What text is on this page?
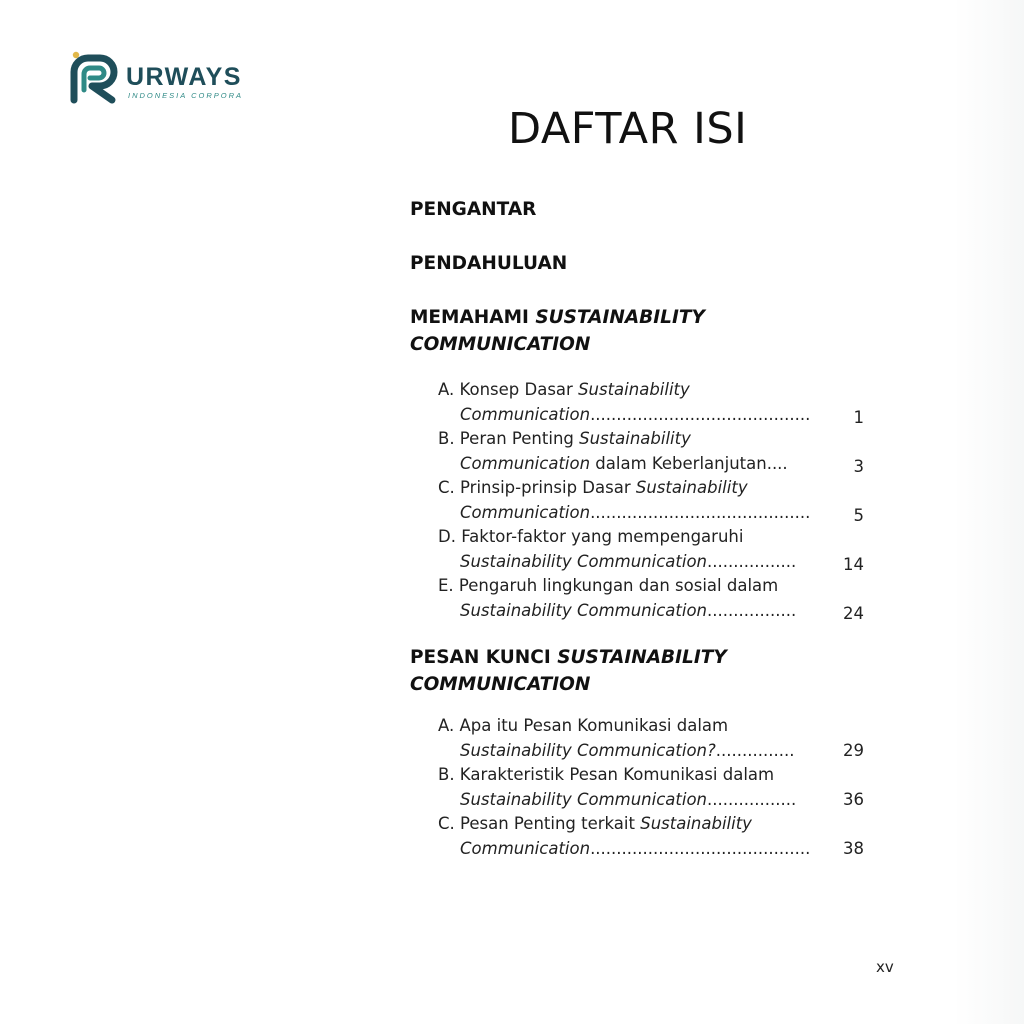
URWAYS
INDONESIA CORPORA
DAFTAR ISI
PENGANTAR
PENDAHULUAN
MEMAHAMI SUSTAINABILITY
COMMUNICATION
A. Konsep Dasar Sustainability
Communication..........................................	1
B. Peran Penting Sustainability
Communication dalam Keberlanjutan....	3
C. Prinsip-prinsip Dasar Sustainability
Communication..........................................	5
D. Faktor-faktor yang mempengaruhi
Sustainability Communication.................	14
E. Pengaruh lingkungan dan sosial dalam
Sustainability Communication.................	24
PESAN KUNCI SUSTAINABILITY
COMMUNICATION
A. Apa itu Pesan Komunikasi dalam
Sustainability Communication?...............	29
B. Karakteristik Pesan Komunikasi dalam
Sustainability Communication.................	36
C. Pesan Penting terkait Sustainability
Communication.......................................... 38
xv
